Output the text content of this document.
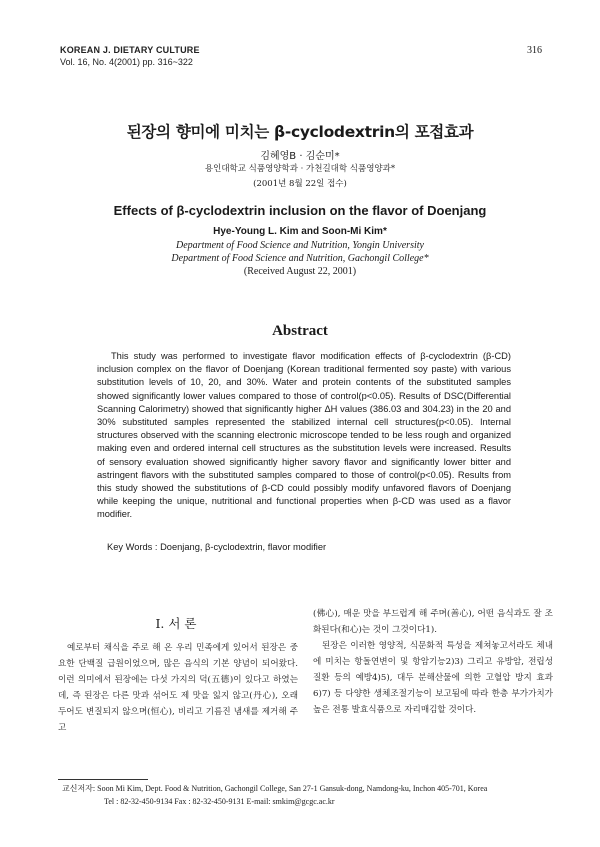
KOREAN J. DIETARY CULTURE
Vol. 16, No. 4(2001) pp. 316~322
316
된장의 향미에 미치는 β-cyclodextrin의 포접효과
김혜영B · 김순미*
용인대학교 식품영양학과 · 가천길대학 식품영양과*
(2001년 8월 22일 접수)
Effects of β-cyclodextrin inclusion on the flavor of Doenjang
Hye-Young L. Kim and Soon-Mi Kim*
Department of Food Science and Nutrition, Yongin University
Department of Food Science and Nutrition, Gachongil College*
(Received August 22, 2001)
Abstract

This study was performed to investigate flavor modification effects of β-cyclodextrin (β-CD) inclusion complex on the flavor of Doenjang (Korean traditional fermented soy paste) with various substitution levels of 10, 20, and 30%. Water and protein contents of the substituted samples showed significantly lower values compared to those of control(p<0.05). Results of DSC(Differential Scanning Calorimetry) showed that significantly higher ΔH values (386.03 and 304.23) in the 20 and 30% substituted samples represented the stabilized internal cell structures(p<0.05). Internal structures observed with the scanning electronic microscope tended to be less rough and organized making even and ordered internal cell structures as the substitution levels were increased. Results of sensory evaluation showed significantly higher savory flavor and significantly lower bitter and astringent flavors with the substituted samples compared to those of control(p<0.05). Results from this study showed the substitutions of β-CD could possibly modify unfavored flavors of Doenjang while keeping the unique, nutritional and functional properties when β-CD was used as a flavor modifier.

Key Words : Doenjang, β-cyclodextrin, flavor modifier
I. 서 론

예로부터 채식을 주로 해 온 우리 민족에게 있어서 된장은 중요한 단백질 급원이었으며, 많은 음식의 기본 양념이 되어왔다. 이런 의미에서 된장에는 다섯 가지의 덕(五德)이 있다고 하였는데, 즉 된장은 다른 맛과 섞어도 제 맛을 잃지 않고(丹心), 오래 두어도 변질되지 않으며(恒心), 비리고 기름진 냄새를 제거해 주고

(佛心), 매운 맛을 부드럽게 해 주며(善心), 어떤 음식과도 잘 조화된다(和心)는 것이 그것이다1).

된장은 이러한 영양적, 식문화적 특성을 제쳐놓고서라도 체내에 미치는 항돌연변이 및 항암기능2)3) 그리고 유방암, 전립성 질환 등의 예방4)5), 대두 분해산물에 의한 고혈압 방지 효과6)7) 등 다양한 생체조절기능이 보고됨에 따라 한층 부가가치가 높은 전통 발효식품으로 자리매김할 것이다.

교신저자: Soon Mi Kim, Dept. Food & Nutrition, Gachongil College, San 27-1 Gansuk-dong, Namdong-ku, Inchon 405-701, Korea
Tel : 82-32-450-9134 Fax : 82-32-450-9131 E-mail: smkim@gcgc.ac.kr
